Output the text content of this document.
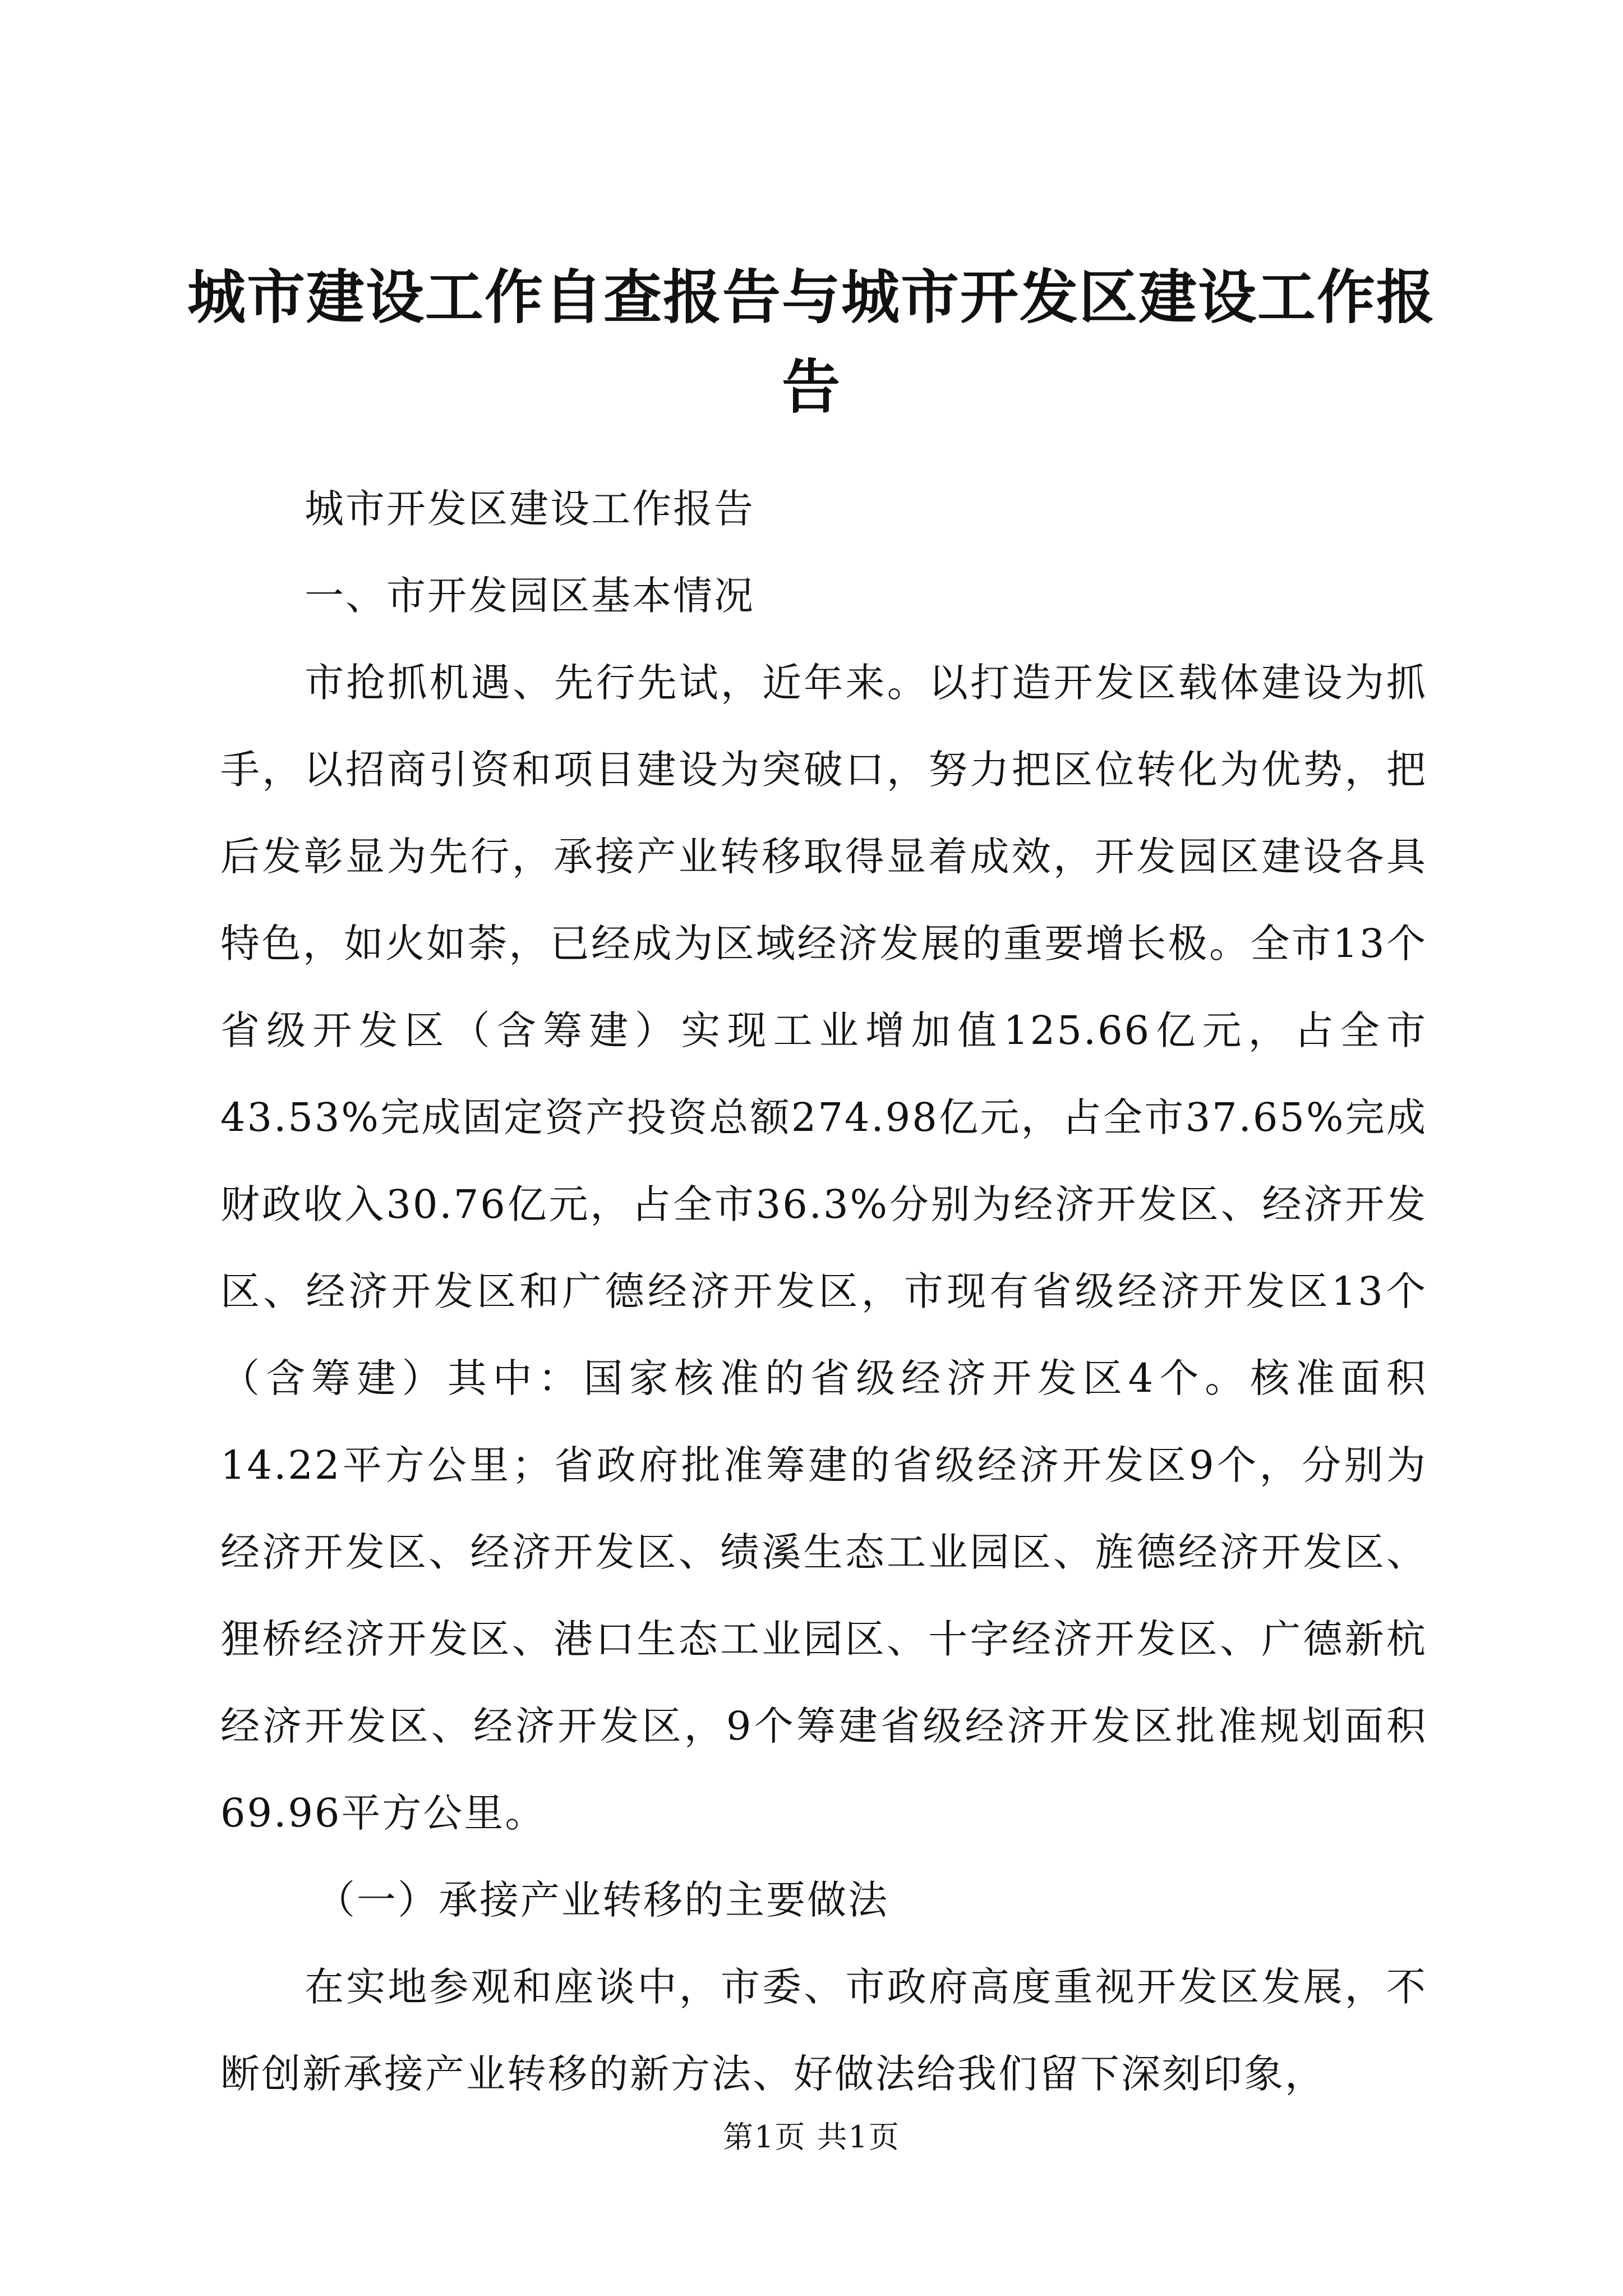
城市建设工作自查报告与城市开发区建设工作报告

城市开发区建设工作报告

一、市开发园区基本情况

市抢抓机遇、先行先试，近年来。以打造开发区载体建设为抓手，以招商引资和项目建设为突破口，努力把区位转化为优势，把后发彰显为先行，承接产业转移取得显着成效，开发园区建设各具特色，如火如荼，已经成为区域经济发展的重要增长极。全市13个省级开发区（含筹建）实现工业增加值125.66亿元，占全市43.53%完成固定资产投资总额274.98亿元，占全市37.65%完成财政收入30.76亿元，占全市36.3%分别为经济开发区、经济开发区、经济开发区和广德经济开发区，市现有省级经济开发区13个（含筹建）其中：国家核准的省级经济开发区4个。核准面积14.22平方公里；省政府批准筹建的省级经济开发区9个，分别为经济开发区、经济开发区、绩溪生态工业园区、旌德经济开发区、狸桥经济开发区、港口生态工业园区、十字经济开发区、广德新杭经济开发区、经济开发区，9个筹建省级经济开发区批准规划面积69.96平方公里。

（一）承接产业转移的主要做法

在实地参观和座谈中，市委、市政府高度重视开发区发展，不断创新承接产业转移的新方法、好做法给我们留下深刻印象，

第1页 共1页
